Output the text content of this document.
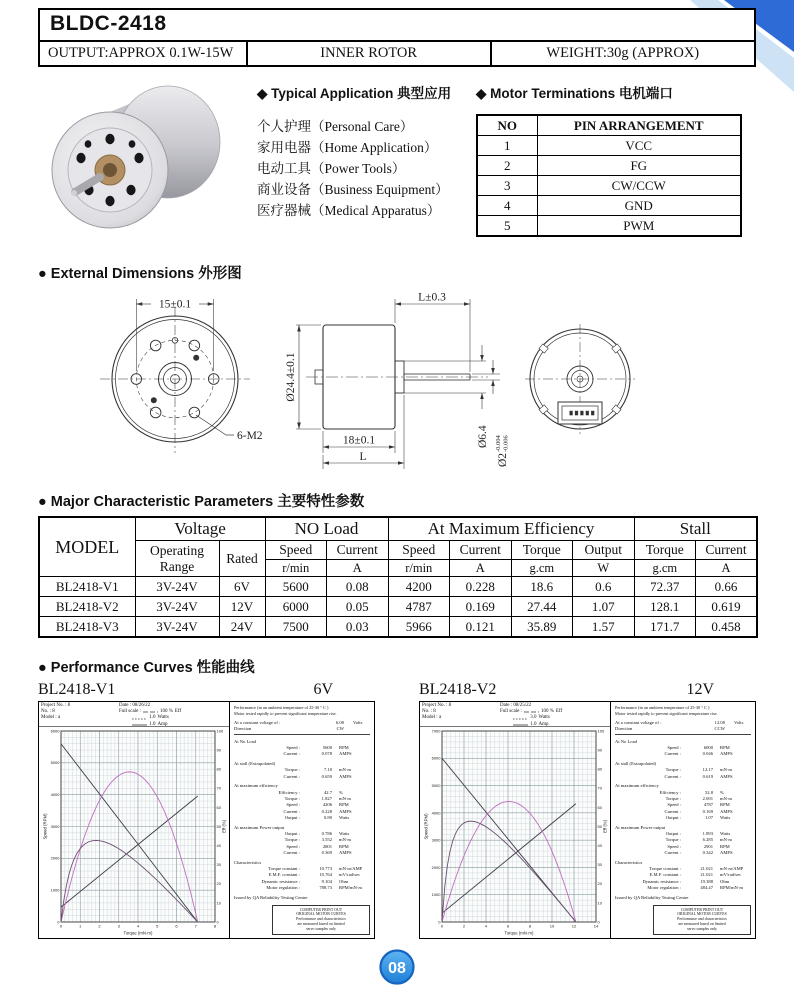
BLDC-2418
OUTPUT:APPROX 0.1W-15W	INNER ROTOR	WEIGHT:30g (APPROX)
◆ Typical Application 典型应用
个人护理（Personal Care）
家用电器（Home Application）
电动工具（Power Tools）
商业设备（Business Equipment）
医疗器械（Medical Apparatus）
◆ Motor Terminations 电机端口
NO	PIN ARRANGEMENT
1	VCC
2	FG
3	CW/CCW
4	GND
5	PWM
● External Dimensions 外形图
15±0.1
6-M2
Ø24.4±0.1
L±0.3
18±0.1
L
Ø6.4
Ø2
-0.004 -0.006
● Major Characteristic Parameters 主要特性参数
MODEL	Voltage		NO Load		At Maximum Efficiency				Stall	

	Operating
Range	Rated	Speed	Current	Speed	Current	Torque	Output	Torque	Current
			r/min	A	r/min	A	g.cm	W	g.cm	A
BL2418-V1	3V-24V	6V	5600	0.08	4200	0.228	18.6	0.6	72.37	0.66
BL2418-V2	3V-24V	12V	6000	0.05	4787	0.169	27.44	1.07	128.1	0.619
BL2418-V3	3V-24V	24V	7500	0.03	5966	0.121	35.89	1.57	171.7	0.458
● Performance Curves 性能曲线
BL2418-V1	6V
Project No. : 8
No. : 8
Model : a
Date : 08/26/22
Full scale :	100 % Eff

1.0 Watts

1.0 Amp
0
1000
2000
3000
4000
5000
6000
0
10
20
30
40
50
60
70
80
90
100
0	1	2	3	4	5	6	7	8
Speed (RPM)	Eff (%)
Torque (mN·m)
Performance (in an ambient temperature of 25-30 ° C )
Motor tested rapidly to prevent significant temperature rise.
At a constant voltage of :	6.00	Volts
Direction	CW
At No Load
Speed :	5600	RPM
Current :	0.078	AMPS
At stall (Extrapolated)
Torque :	7.10	mN·m
Current :	0.659	AMPS
At maximum efficiency
Efficiency :	42.7	%
Torque :	1.827	mN·m
Speed :	4206	RPM
Current :	0.228	AMPS
Output :	0.80	Watts
At maximum Power output
Output :	0.786	Watts
Torque :	3.552	mN·m
Speed :	2801	RPM
Current :	0.369	AMPS
Characteristics
Torque constant :	10.773	mN·m/AMP
E.M.F. constant :	10.764	mV/rad/sec
Dynamic resistance :	9.104	Ohm
Motor regulation :	788.73	RPM/mN·m
Issued by QA Reliability Testing Centre
COMPUTER PRINT OUT
ORIGINAL MOTOR CURVES
Performance and characteristics
are measured based on limited
servo samples only
BL2418-V2	12V
Project No. : 8
No. : 8
Model : a
Date : 08/25/22
Full scale :	100 % Eff

3.0 Watts

1.0 Amp
0
1000
2000
3000
4000
5000
6000
7000
0
10
20
30
40
50
60
70
80
90
100
0	2	4	6	8	10	12	14
Speed (RPM)	Eff (%)
Torque (mN·m)
Performance (in an ambient temperature of 25-30 ° C )
Motor tested rapidly to prevent significant temperature rise.
At a constant voltage of :	12.00	Volts
Direction	CCW
At No Load
Speed :	6000	RPM
Current :	0.046	AMPS
At stall (Extrapolated)
Torque :	12.17	mN·m
Current :	0.619	AMPS
At maximum efficiency
Efficiency :	52.8	%
Torque :	2.691	mN·m
Speed :	4787	RPM
Current :	0.169	AMPS
Output :	1.07	Watts
At maximum Power output
Output :	1.893	Watts
Torque :	6.285	mN·m
Speed :	2901	RPM
Current :	0.342	AMPS
Characteristics
Torque constant :	21.021	mN·m/AMP
E.M.F. constant :	21.021	mV/rad/sec
Dynamic resistance :	19.388	Ohm
Motor regulation :	484.47	RPM/mN·m
Issued by QA Reliability Testing Centre
COMPUTER PRINT OUT
ORIGINAL MOTOR CURVES
Performance and characteristics
are measured based on limited
servo samples only
08
